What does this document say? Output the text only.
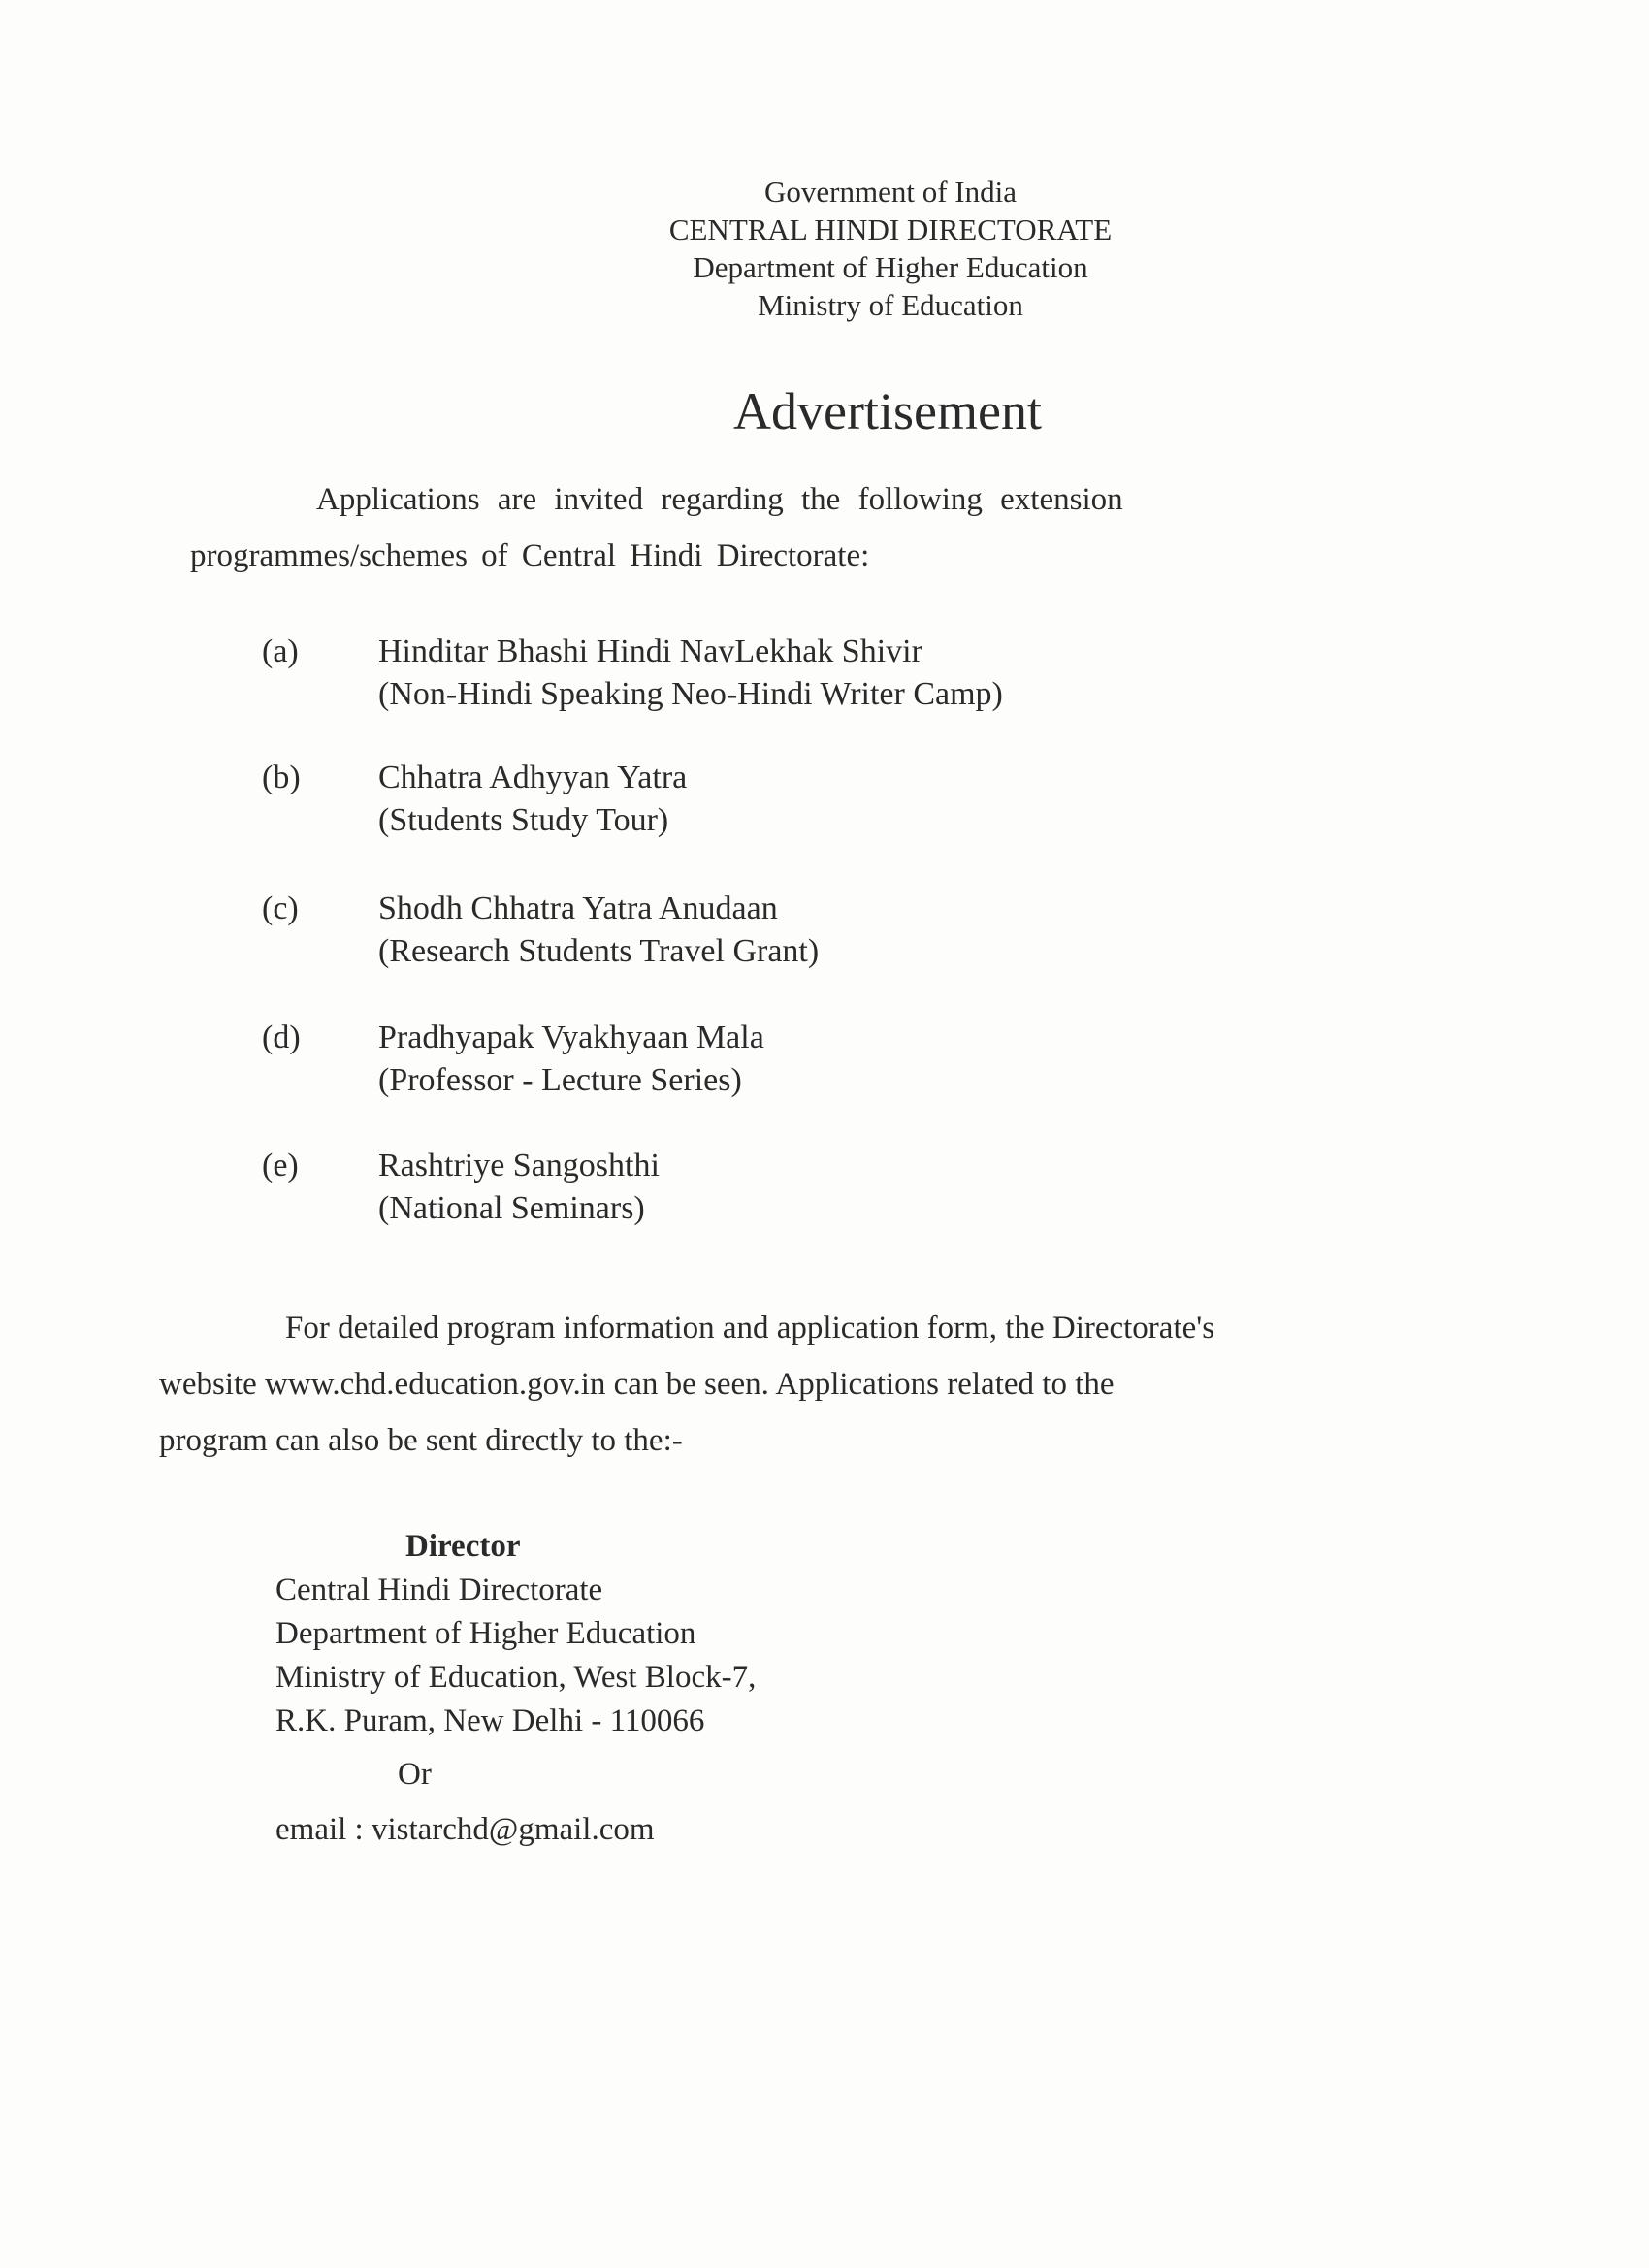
Government of India
CENTRAL HINDI DIRECTORATE
Department of Higher Education
Ministry of Education
Advertisement
Applications are invited regarding the following extension
programmes/schemes of Central Hindi Directorate:
(a)	Hinditar Bhashi Hindi NavLekhak Shivir
(Non-Hindi Speaking Neo-Hindi Writer Camp)
(b)	Chhatra Adhyyan Yatra
(Students Study Tour)
(c)	Shodh Chhatra Yatra Anudaan
(Research Students Travel Grant)
(d)	Pradhyapak Vyakhyaan Mala
(Professor - Lecture Series)
(e)	Rashtriye Sangoshthi
(National Seminars)
For detailed program information and application form, the Directorate's
website www.chd.education.gov.in can be seen. Applications related to the
program can also be sent directly to the:-
Director
Central Hindi Directorate
Department of Higher Education
Ministry of Education, West Block-7,
R.K. Puram, New Delhi - 110066
Or
email : vistarchd@gmail.com
